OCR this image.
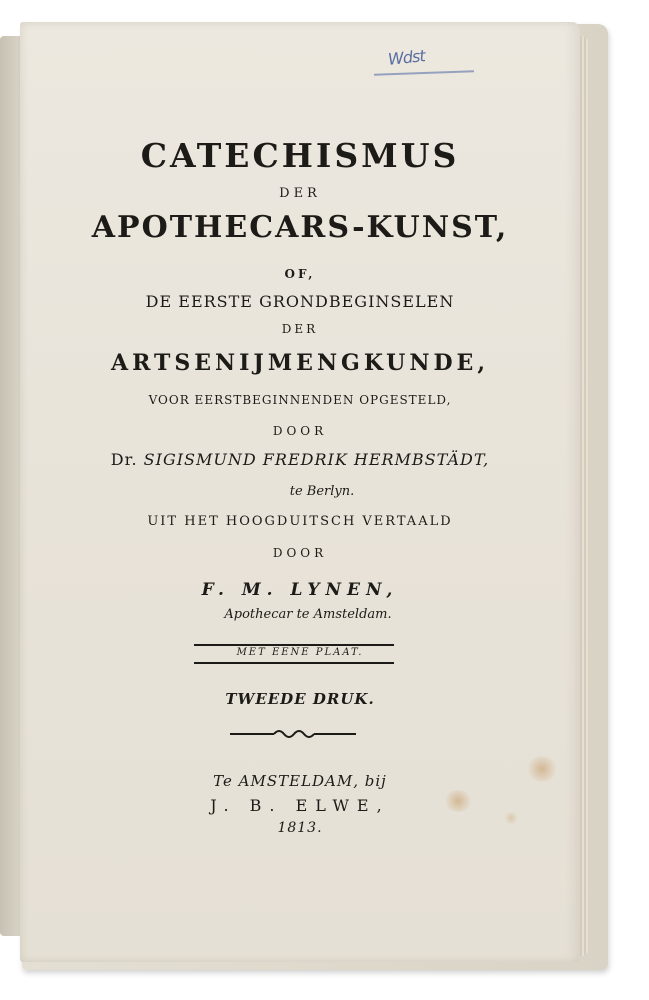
Wdst
CATECHISMUS
DER
APOTHECARS-KUNST,
OF,
DE EERSTE GRONDBEGINSELEN
DER
ARTSENIJMENGKUNDE,
VOOR EERSTBEGINNENDEN OPGESTELD,
DOOR
Dr. SIGISMUND FREDRIK HERMBSTÄDT,
te Berlyn.
UIT HET HOOGDUITSCH VERTAALD
DOOR
F. M. LYNEN,
Apothecar te Amsteldam.
MET EENE PLAAT.
TWEEDE DRUK.
Te AMSTELDAM, bij
J. B. ELWE,
1813.
